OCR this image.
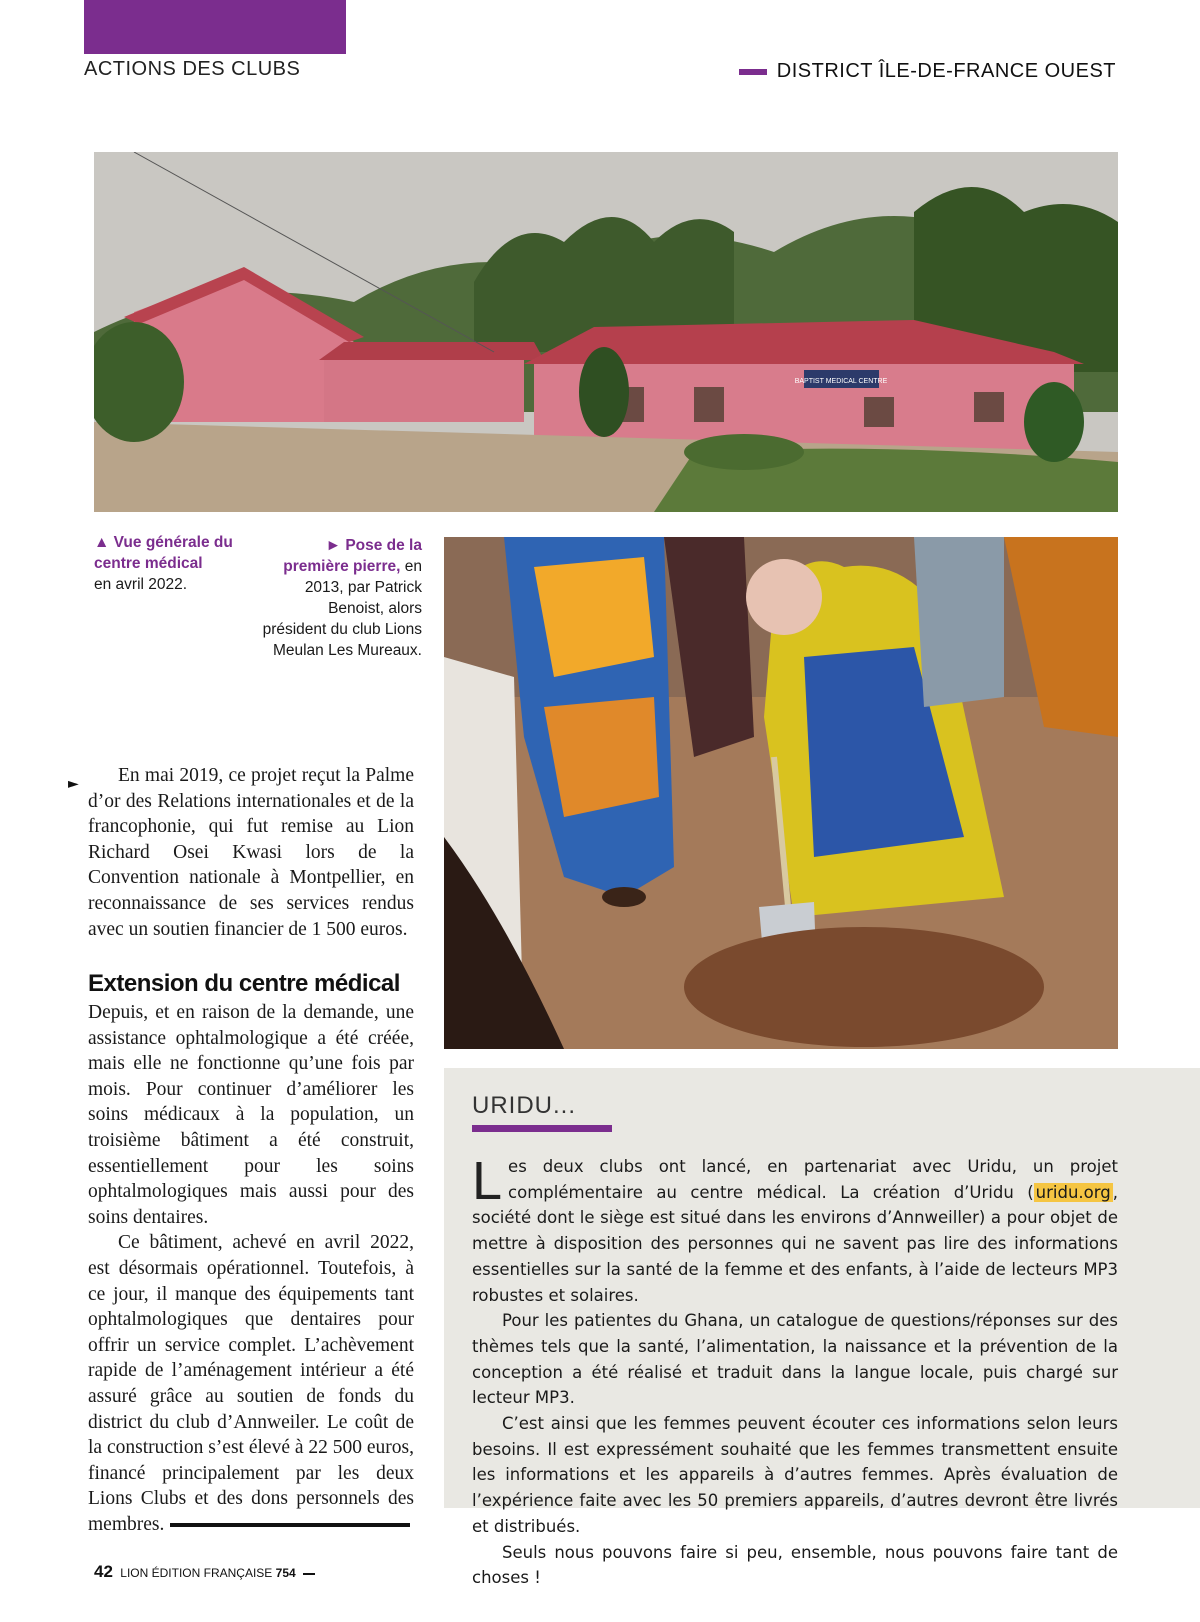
ACTIONS DES CLUBS	DISTRICT ÎLE-DE-FRANCE OUEST
BAPTIST MEDICAL CENTRE
▲ Vue générale du centre médical
en avril 2022.
► Pose de la première pierre, en 2013, par Patrick Benoist, alors président du club Lions Meulan Les Mureaux.
►	En mai 2019, ce projet reçut la Palme d’or des Relations internationales et de la francophonie, qui fut remise au Lion Richard Osei Kwasi lors de la Convention nationale à Montpellier, en reconnaissance de ses services rendus avec un soutien financier de 1 500 euros.

Extension du centre médical

Depuis, et en raison de la demande, une assistance ophtalmologique a été créée, mais elle ne fonctionne qu’une fois par mois. Pour continuer d’améliorer les soins médicaux à la population, un troisième bâtiment a été construit, essentiellement pour les soins ophtalmologiques mais aussi pour des soins dentaires.

Ce bâtiment, achevé en avril 2022, est désormais opérationnel. Toutefois, à ce jour, il manque des équipements tant ophtalmologiques que dentaires pour offrir un service complet. L’achèvement rapide de l’aménagement intérieur a été assuré grâce au soutien de fonds du district du club d’Annweiler. Le coût de la construction s’est élevé à 22 500 euros, financé principalement par les deux Lions Clubs et des dons personnels des membres.

URIDU...

Les deux clubs ont lancé, en partenariat avec Uridu, un projet complémentaire au centre médical. La création d’Uridu ( uridu.org , société dont le siège est situé dans les environs d’Annweiller) a pour objet de mettre à disposition des personnes qui ne savent pas lire des informations essentielles sur la santé de la femme et des enfants, à l’aide de lecteurs MP3 robustes et solaires.

Pour les patientes du Ghana, un catalogue de questions/réponses sur des thèmes tels que la santé, l’alimentation, la naissance et la prévention de la conception a été réalisé et traduit dans la langue locale, puis chargé sur lecteur MP3.

C’est ainsi que les femmes peuvent écouter ces informations selon leurs besoins. Il est expressément souhaité que les femmes transmettent ensuite les informations et les appareils à d’autres femmes. Après évaluation de l’expérience faite avec les 50 premiers appareils, d’autres devront être livrés et distribués.

Seuls nous pouvons faire si peu, ensemble, nous pouvons faire tant de choses !

42 LION ÉDITION FRANÇAISE 754
